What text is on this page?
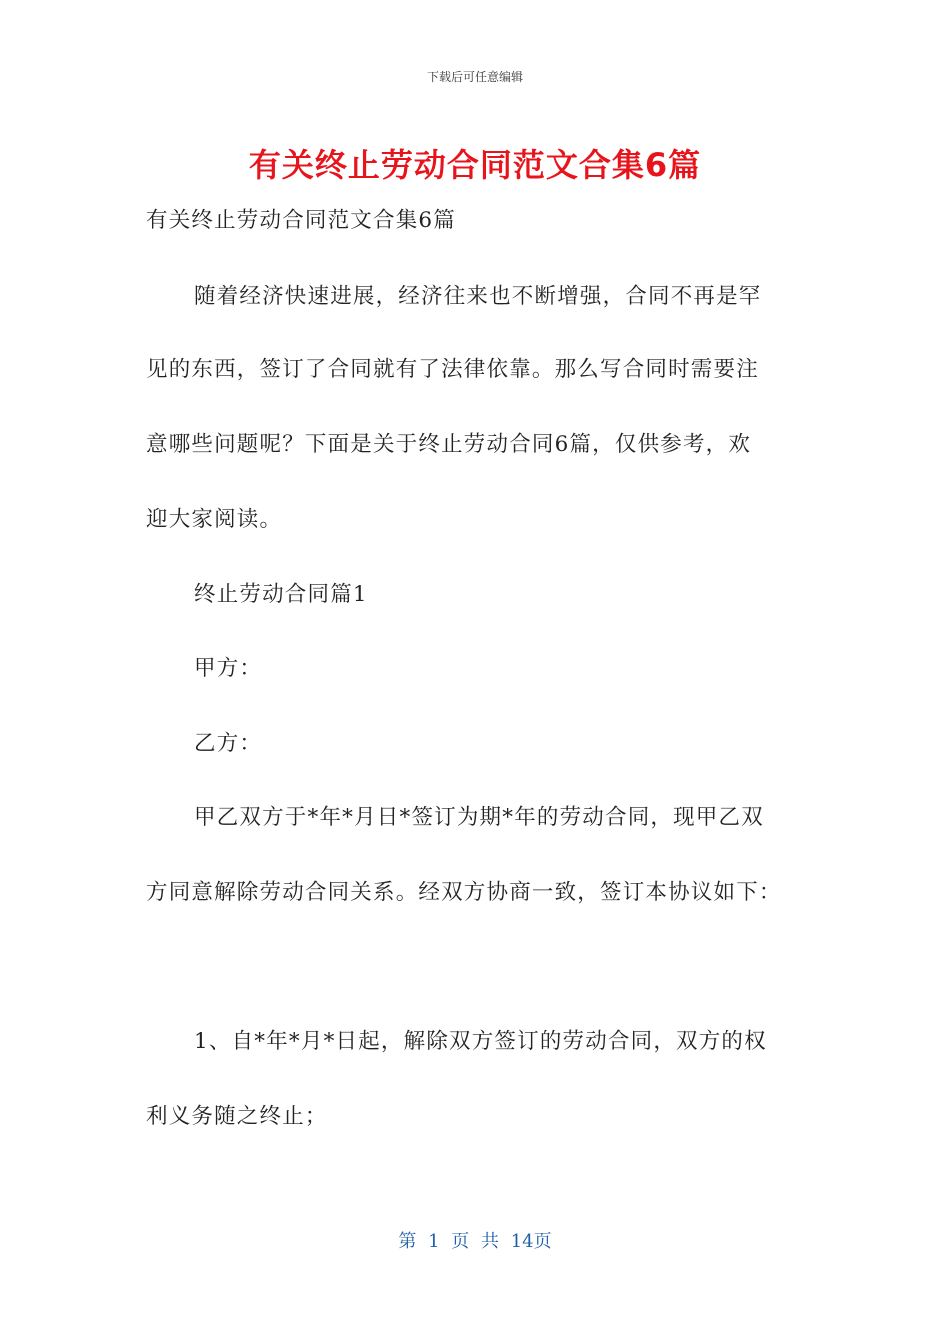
下载后可任意编辑
有关终止劳动合同范文合集6篇
有关终止劳动合同范文合集6篇
随着经济快速进展，经济往来也不断增强，合同不再是罕
见的东西，签订了合同就有了法律依靠。那么写合同时需要注
意哪些问题呢？下面是关于终止劳动合同6篇，仅供参考，欢
迎大家阅读。
终止劳动合同篇1
甲方：
乙方：
甲乙双方于*年*月日*签订为期*年的劳动合同，现甲乙双
方同意解除劳动合同关系。经双方协商一致，签订本协议如下：
1、自*年*月*日起，解除双方签订的劳动合同，双方的权
利义务随之终止；
第 1 页 共 14页
